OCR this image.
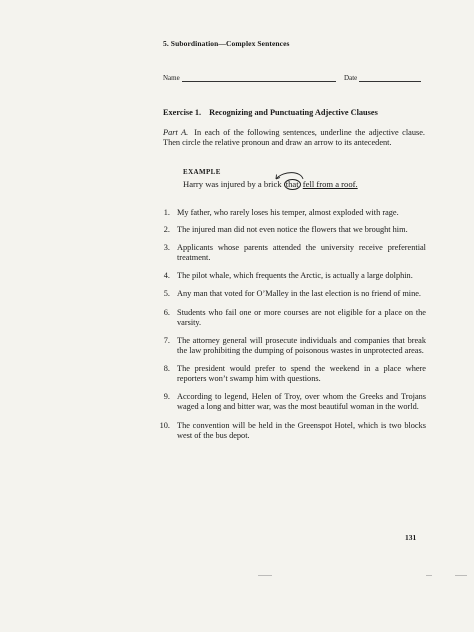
5. Subordination—Complex Sentences
Name	Date
Exercise 1. Recognizing and Punctuating Adjective Clauses
Part A. In each of the following sentences, underline the adjective clause. Then circle the relative pronoun and draw an arrow to its antecedent.
EXAMPLE
Harry was injured by a brick that fell from a roof.
1. My father, who rarely loses his temper, almost exploded with rage.
2. The injured man did not even notice the flowers that we brought him.
3. Applicants whose parents attended the university receive preferential treatment.
4. The pilot whale, which frequents the Arctic, is actually a large dolphin.
5. Any man that voted for O’Malley in the last election is no friend of mine.
6. Students who fail one or more courses are not eligible for a place on the varsity.
7. The attorney general will prosecute individuals and companies that break the law prohibiting the dumping of poisonous wastes in unprotected areas.
8. The president would prefer to spend the weekend in a place where reporters won’t swamp him with questions.
9. According to legend, Helen of Troy, over whom the Greeks and Trojans waged a long and bitter war, was the most beautiful woman in the world.
10. The convention will be held in the Greenspot Hotel, which is two blocks west of the bus depot.
131
